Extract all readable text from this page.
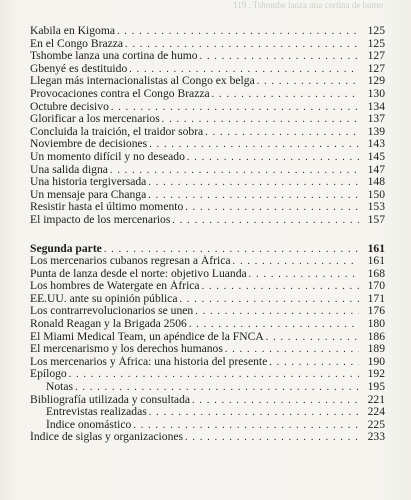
119 , Tshombe lanza una cortina de humo
Kabila en Kigoma . . .	125
En el Congo Brazza . . .	125
Tshombe lanza una cortina de humo . . .	127
Gbenyé es destituido . . .	127
Llegan más internacionalistas al Congo ex belga . . .	129
Provocaciones contra el Congo Brazza . . .	130
Octubre decisivo . . .	134
Glorificar a los mercenarios . . .	137
Concluida la traición, el traidor sobra . . .	139
Noviembre de decisiones . . .	143
Un momento difícil y no deseado . . .	145
Una salida digna . . .	147
Una historia tergiversada . . .	148
Un mensaje para Changa . . .	150
Resistir hasta el último momento . . .	153
El impacto de los mercenarios . . .	157
Segunda parte . . .	161
Los mercenarios cubanos regresan a África . . .	161
Punta de lanza desde el norte: objetivo Luanda . . .	168
Los hombres de Watergate en África . . .	170
EE.UU. ante su opinión pública . . .	171
Los contrarrevolucionarios se unen . . .	176
Ronald Reagan y la Brigada 2506 . . .	180
El Miami Medical Team, un apéndice de la FNCA . . .	186
El mercenarismo y los derechos humanos . . .	189
Los mercenarios y África: una historia del presente . . .	190
Epílogo . . .	192
Notas . . .	195
Bibliografía utilizada y consultada . . .	221
Entrevistas realizadas . . .	224
Índice onomástico . . .	225
Índice de siglas y organizaciones . . .	233
